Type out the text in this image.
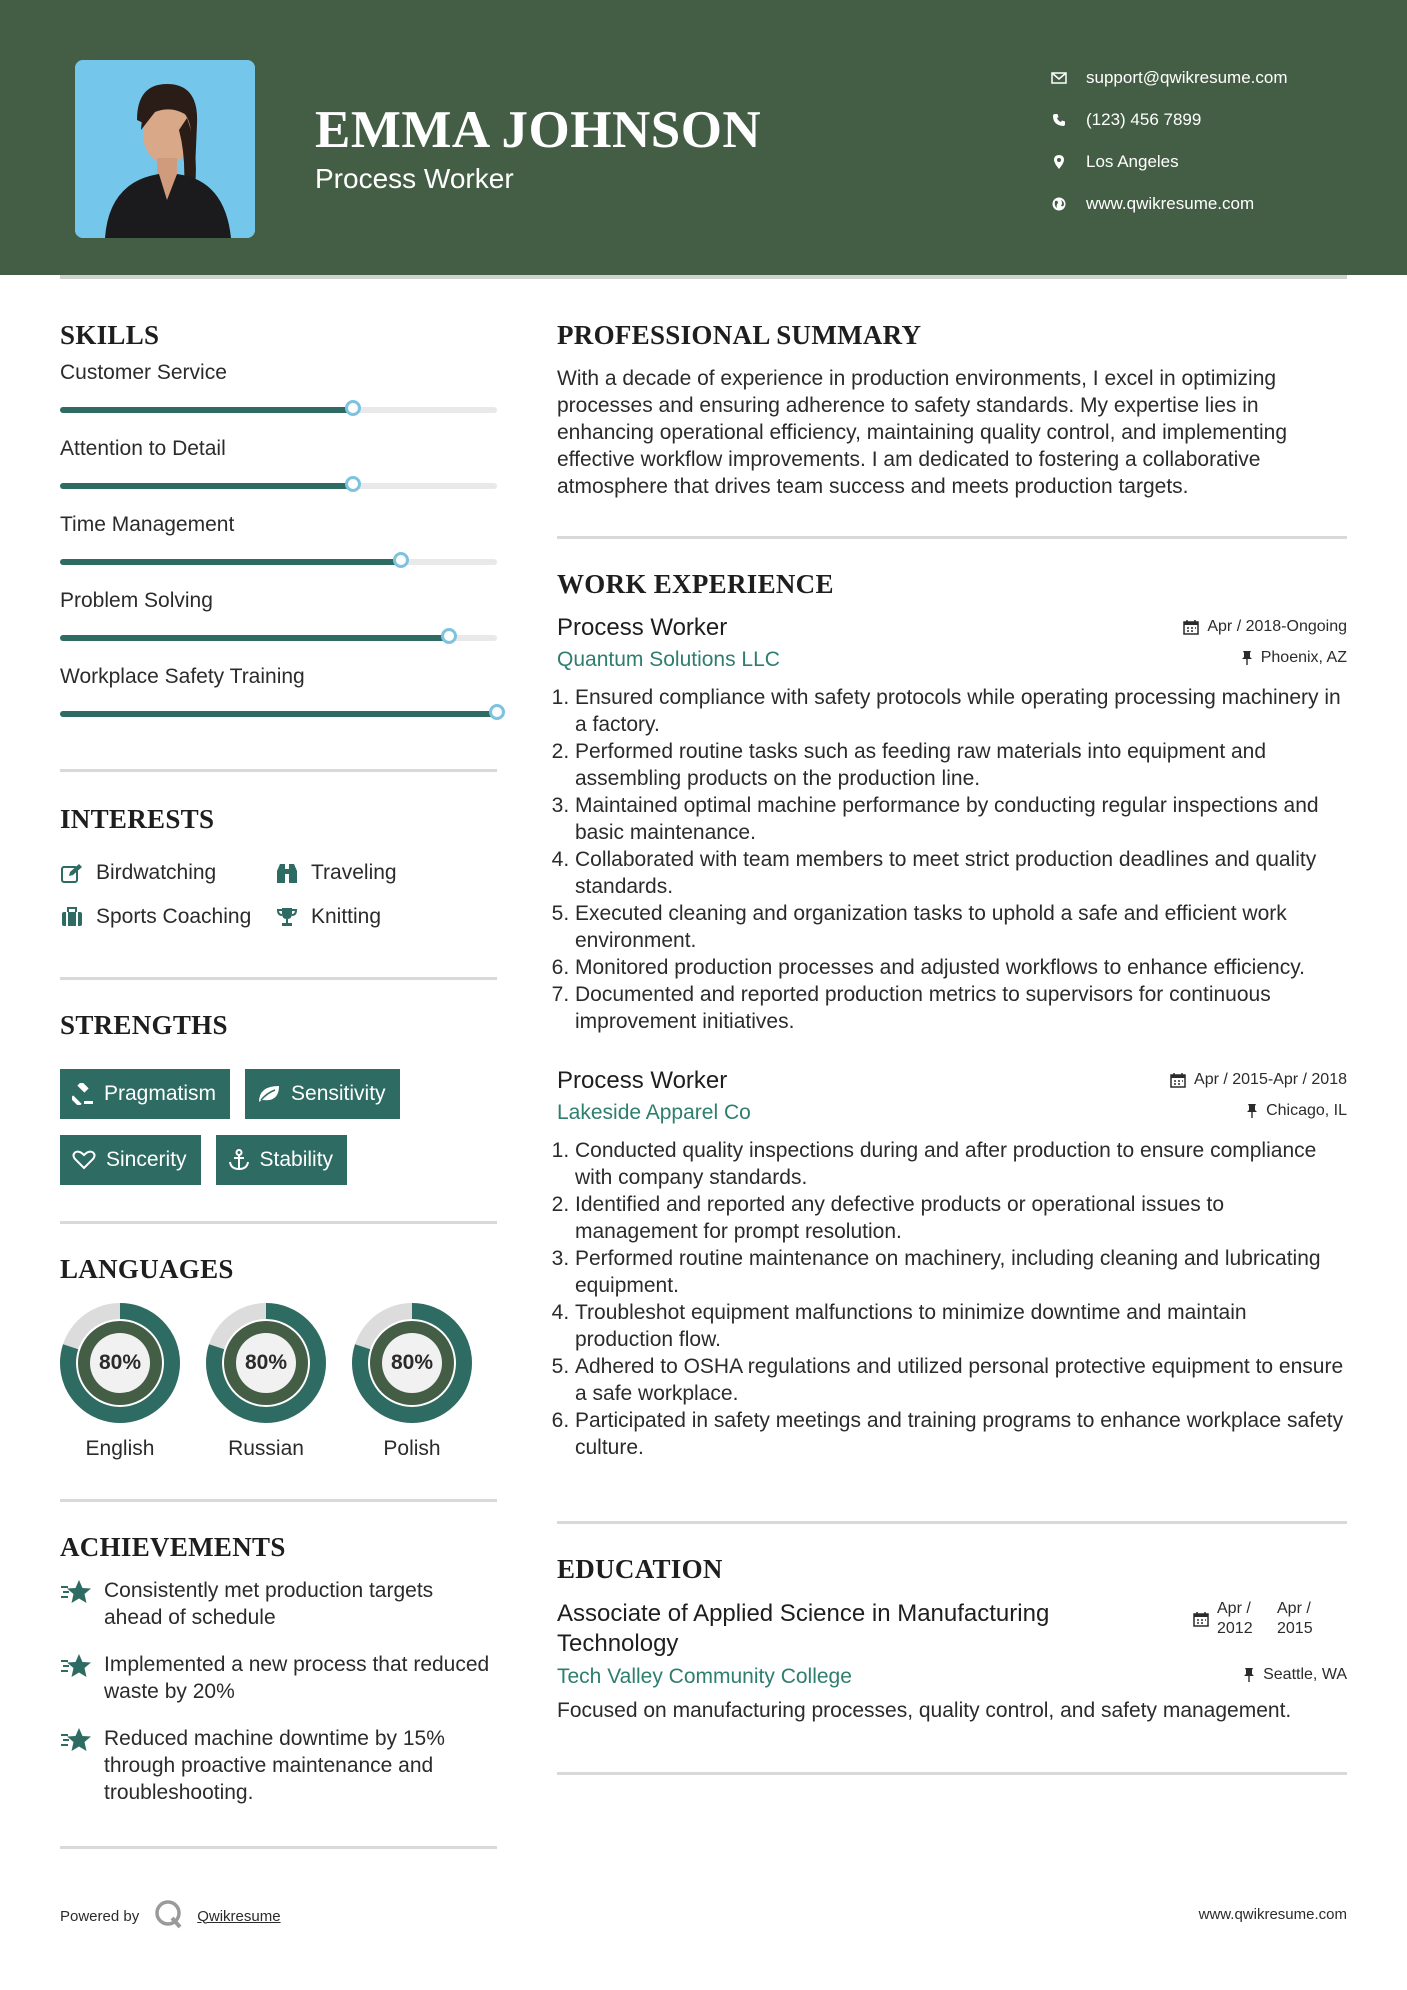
EMMA JOHNSON
Process Worker
support@qwikresume.com
(123) 456 7899
Los Angeles
www.qwikresume.com
SKILLS
Customer Service
Attention to Detail
Time Management
Problem Solving
Workplace Safety Training
INTERESTS
Birdwatching	Traveling
Sports Coaching	Knitting
STRENGTHS
Pragmatism	Sensitivity
Sincerity	Stability
LANGUAGES
80%
English
80%
Russian
80%
Polish
ACHIEVEMENTS
Consistently met production targets ahead of schedule
Implemented a new process that reduced waste by 20%
Reduced machine downtime by 15% through proactive maintenance and troubleshooting.
PROFESSIONAL SUMMARY
With a decade of experience in production environments, I excel in optimizing processes and ensuring adherence to safety standards. My expertise lies in enhancing operational efficiency, maintaining quality control, and implementing effective workflow improvements. I am dedicated to fostering a collaborative atmosphere that drives team success and meets production targets.
WORK EXPERIENCE
Process Worker	Apr / 2018-Ongoing
Quantum Solutions LLC	Phoenix, AZ
1. Ensured compliance with safety protocols while operating processing machinery in a factory.
2. Performed routine tasks such as feeding raw materials into equipment and assembling products on the production line.
3. Maintained optimal machine performance by conducting regular inspections and basic maintenance.
4. Collaborated with team members to meet strict production deadlines and quality standards.
5. Executed cleaning and organization tasks to uphold a safe and efficient work environment.
6. Monitored production processes and adjusted workflows to enhance efficiency.
7. Documented and reported production metrics to supervisors for continuous improvement initiatives.
Process Worker	Apr / 2015-Apr / 2018
Lakeside Apparel Co	Chicago, IL
1. Conducted quality inspections during and after production to ensure compliance with company standards.
2. Identified and reported any defective products or operational issues to management for prompt resolution.
3. Performed routine maintenance on machinery, including cleaning and lubricating equipment.
4. Troubleshot equipment malfunctions to minimize downtime and maintain production flow.
5. Adhered to OSHA regulations and utilized personal protective equipment to ensure a safe workplace.
6. Participated in safety meetings and training programs to enhance workplace safety culture.
EDUCATION
Associate of Applied Science in Manufacturing Technology
Apr /
2012
Apr /
2015
Tech Valley Community College	Seattle, WA
Focused on manufacturing processes, quality control, and safety management.
Powered by	Qwikresume	www.qwikresume.com
